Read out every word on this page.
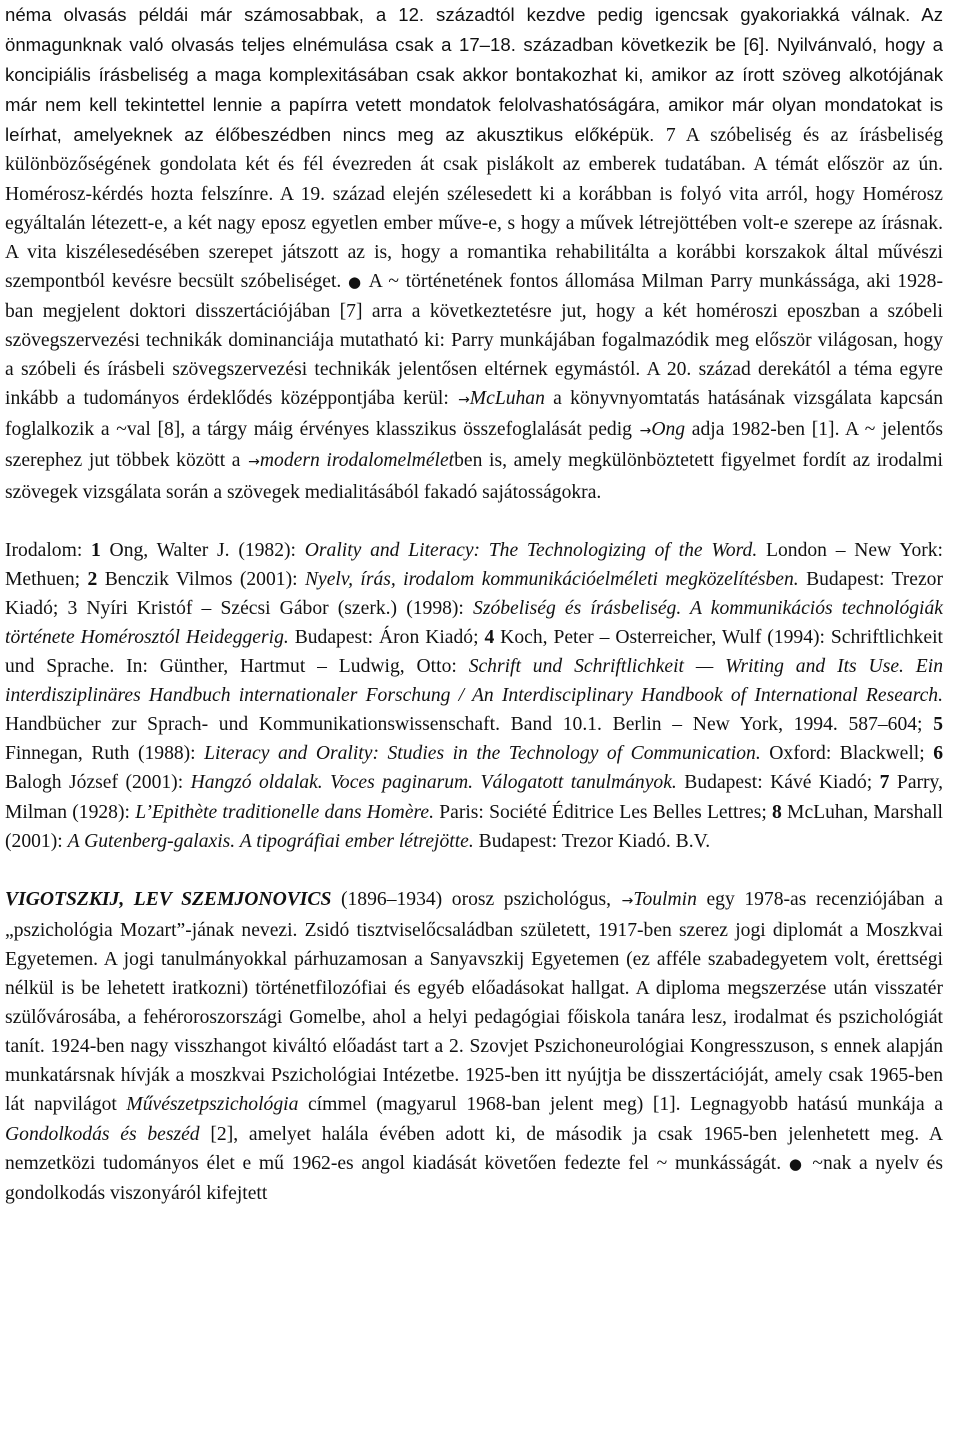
néma olvasás példái már számosabbak, a 12. századtól kezdve pedig igencsak gyakoriakká válnak. Az önmagunknak való olvasás teljes elnémulása csak a 17–18. században következik be [6]. Nyilvánvaló, hogy a koncipiális írásbeliség a maga komplexitásában csak akkor bontakozhat ki, amikor az írott szöveg alkotójának már nem kell tekintettel lennie a papírra vetett mondatok felolvashatóságára, amikor már olyan mondatokat is leírhat, amelyeknek az élőbeszédben nincs meg az akusztikus előképük. 7 A szóbeliség és az írásbeliség különbözőségének gondolata két és fél évezreden át csak pislákolt az emberek tudatában. A témát először az ún. Homérosz-kérdés hozta felszínre. A 19. század elején szélesedett ki a korábban is folyó vita arról, hogy Homérosz egyáltalán létezett-e, a két nagy eposz egyetlen ember műve-e, s hogy a művek létrejöttében volt-e szerepe az írásnak. A vita kiszélesedésében szerepet játszott az is, hogy a romantika rehabilitálta a korábbi korszakok által művészi szempontból kevésre becsült szóbeliséget. ● A ~ történetének fontos állomása Milman Parry munkássága, aki 1928-ban megjelent doktori disszertációjában [7] arra a következtetésre jut, hogy a két homéroszi eposzban a szóbeli szövegszervezési technikák dominanciája mutatható ki: Parry munkájában fogalmazódik meg először világosan, hogy a szóbeli és írásbeli szövegszervezési technikák jelentősen eltérnek egymástól. A 20. század derekától a téma egyre inkább a tudományos érdeklődés középpontjába kerül: →McLuhan a könyvnyomtatás hatásának vizsgálata kapcsán foglalkozik a ~val [8], a tárgy máig érvényes klasszikus összefoglalását pedig →Ong adja 1982-ben [1]. A ~ jelentős szerephez jut többek között a →modern irodalomelméletben is, amely megkülönböztetett figyelmet fordít az irodalmi szövegek vizsgálata során a szövegek medialitásából fakadó sajátosságokra.

Irodalom: 1 Ong, Walter J. (1982): Orality and Literacy: The Technologizing of the Word. London – New York: Methuen; 2 Benczik Vilmos (2001): Nyelv, írás, irodalom kommunikációelméleti megközelítésben. Budapest: Trezor Kiadó; 3 Nyíri Kristóf – Szécsi Gábor (szerk.) (1998): Szóbeliség és írásbeliség. A kommunikációs technológiák története Homérosztól Heideggerig. Budapest: Áron Kiadó; 4 Koch, Peter – Osterreicher, Wulf (1994): Schriftlichkeit und Sprache. In: Günther, Hartmut – Ludwig, Otto: Schrift und Schriftlichkeit — Writing and Its Use. Ein interdisziplinäres Handbuch internationaler Forschung / An Interdisciplinary Handbook of International Research. Handbücher zur Sprach- und Kommunikationswissenschaft. Band 10.1. Berlin – New York, 1994. 587–604; 5 Finnegan, Ruth (1988): Literacy and Orality: Studies in the Technology of Communication. Oxford: Blackwell; 6 Balogh József (2001): Hangzó oldalak. Voces paginarum. Válogatott tanulmányok. Budapest: Kávé Kiadó; 7 Parry, Milman (1928): L’Epithète traditionelle dans Homère. Paris: Société Éditrice Les Belles Lettres; 8 McLuhan, Marshall (2001): A Gutenberg-galaxis. A tipográfiai ember létrejötte. Budapest: Trezor Kiadó. B.V.

VIGOTSZKIJ, LEV SZEMJONOVICS (1896–1934) orosz pszichológus, →Toulmin egy 1978-as recenziójában a „pszichológia Mozart”-jának nevezi. Zsidó tisztviselőcsaládban született, 1917-ben szerez jogi diplomát a Moszkvai Egyetemen. A jogi tanulmányokkal párhuzamosan a Sanyavszkij Egyetemen (ez afféle szabadegyetem volt, érettségi nélkül is be lehetett iratkozni) történetfilozófiai és egyéb előadásokat hallgat. A diploma megszerzése után visszatér szülővárosába, a fehéroroszországi Gomelbe, ahol a helyi pedagógiai főiskola tanára lesz, irodalmat és pszichológiát tanít. 1924-ben nagy visszhangot kiváltó előadást tart a 2. Szovjet Pszichoneurológiai Kongresszuson, s ennek alapján munkatársnak hívják a moszkvai Pszichológiai Intézetbe. 1925-ben itt nyújtja be disszertációját, amely csak 1965-ben lát napvilágot Művészetpszichológia címmel (magyarul 1968-ban jelent meg) [1]. Legnagyobb hatású munkája a Gondolkodás és beszéd [2], amelyet halála évében adott ki, de második ja csak 1965-ben jelenhetett meg. A nemzetközi tudományos élet e mű 1962-es angol kiadását követően fedezte fel ~ munkásságát. ● ~nak a nyelv és gondolkodás viszonyáról kifejtett
